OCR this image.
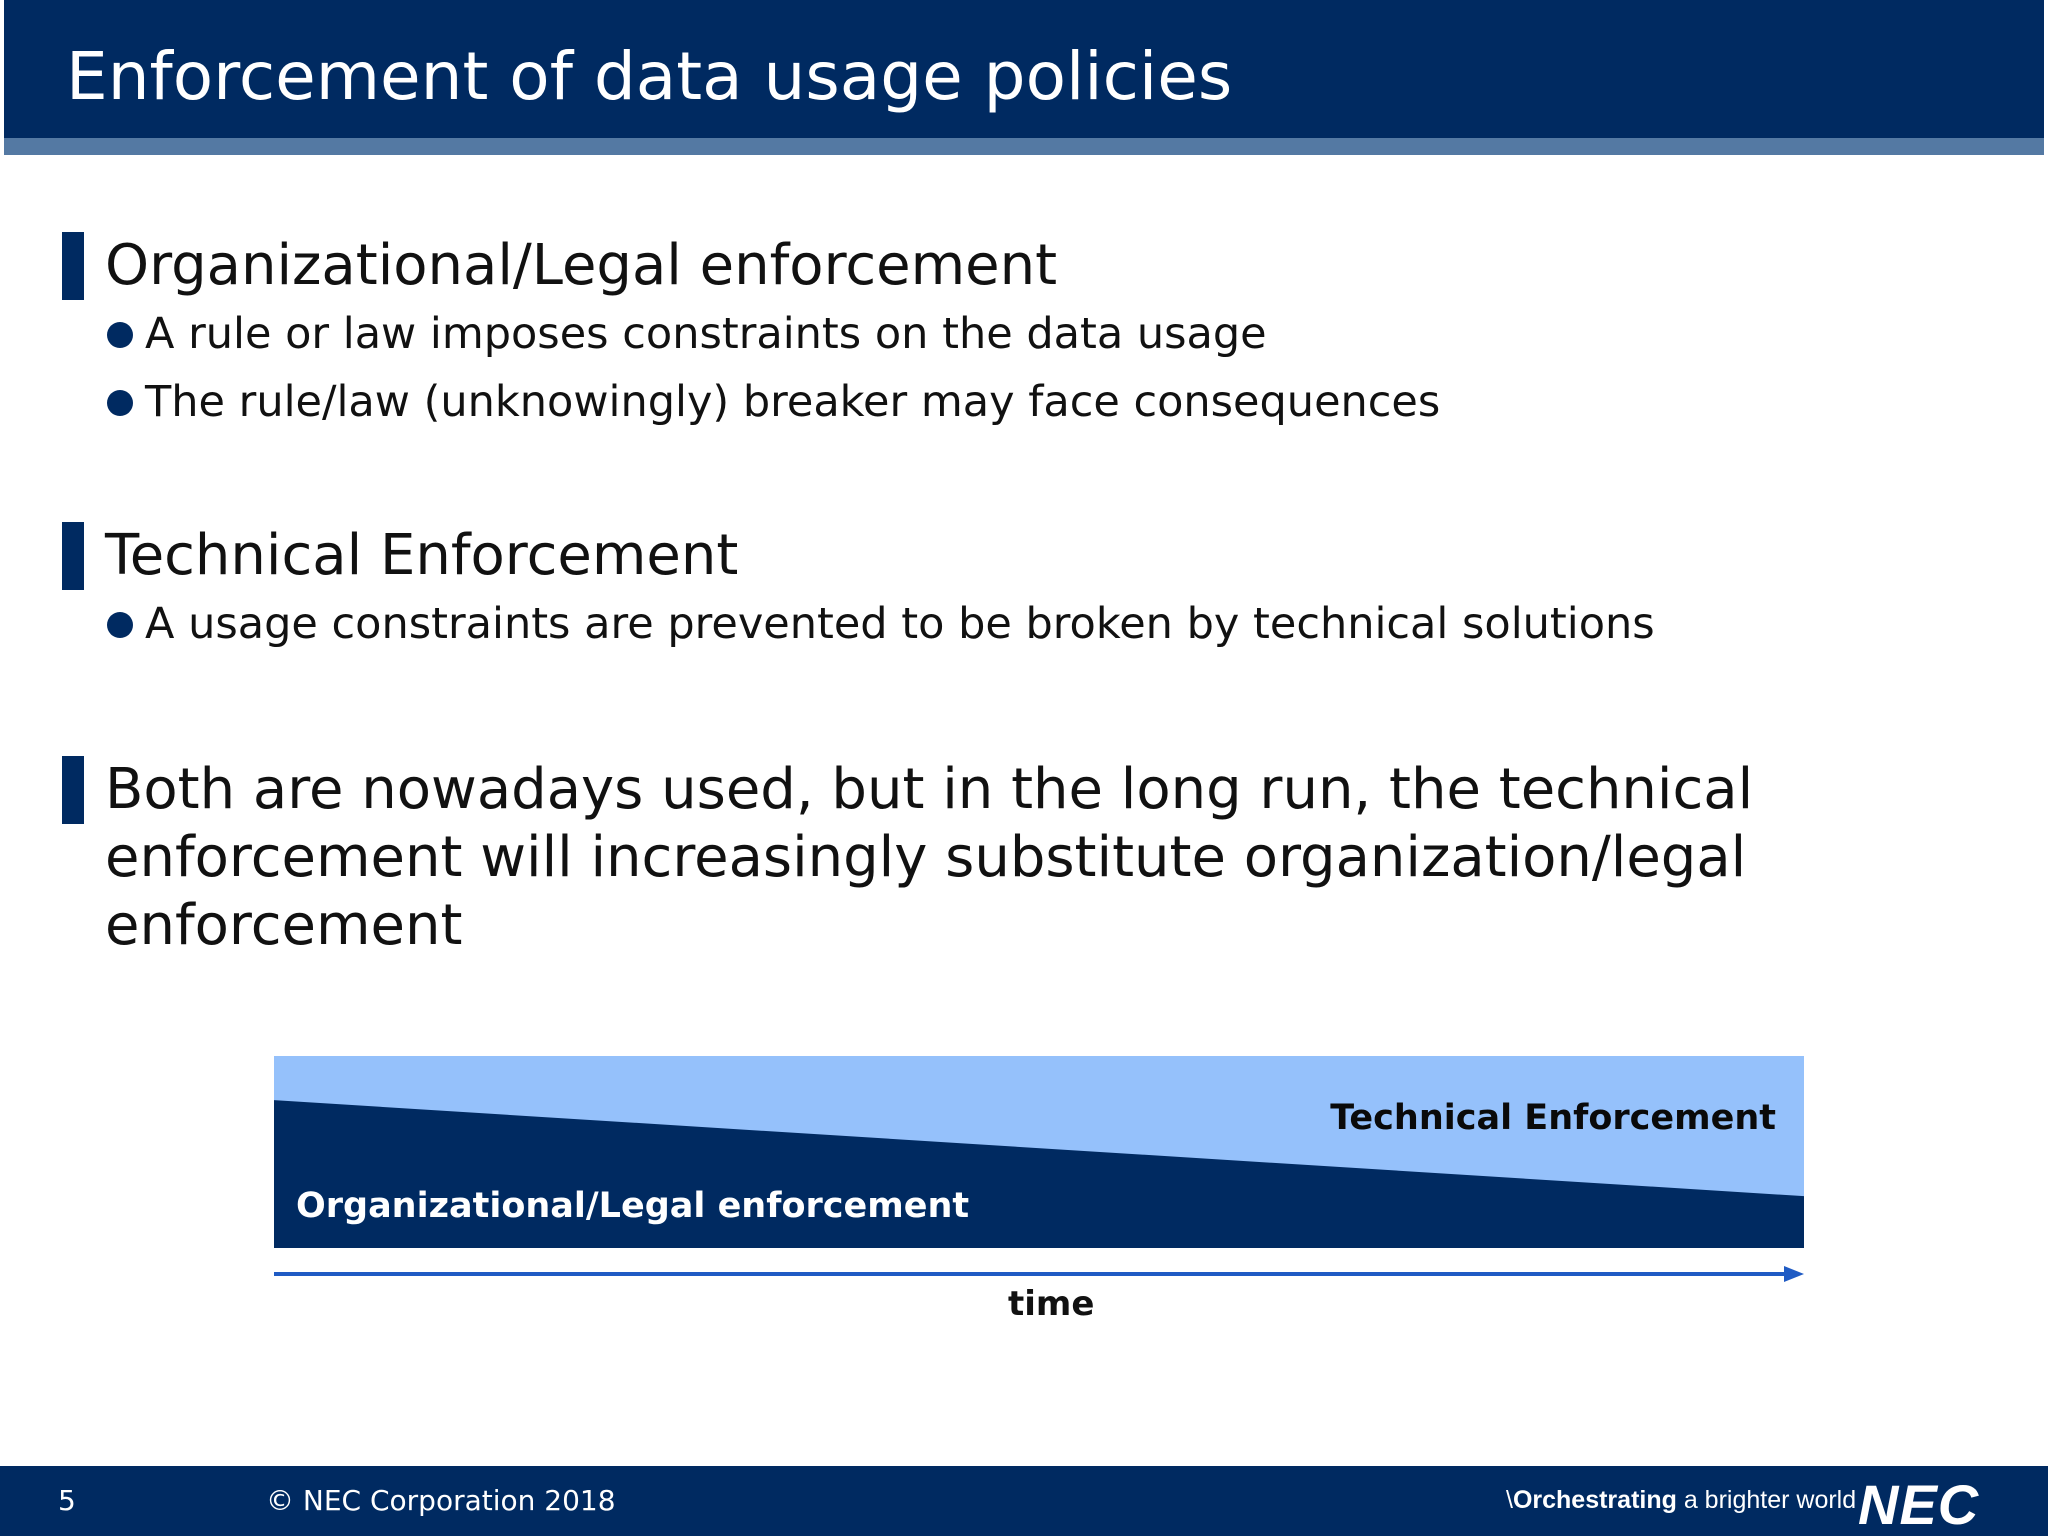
Enforcement of data usage policies
Organizational/Legal enforcement
A rule or law imposes constraints on the data usage
The rule/law (unknowingly) breaker may face consequences
Technical Enforcement
A usage constraints are prevented to be broken by technical solutions
Both are nowadays used, but in the long run, the technical enforcement will increasingly substitute organization/legal enforcement
Technical Enforcement
Organizational/Legal enforcement
time
5	© NEC Corporation 2018	\Orchestrating a brighter world NEC
